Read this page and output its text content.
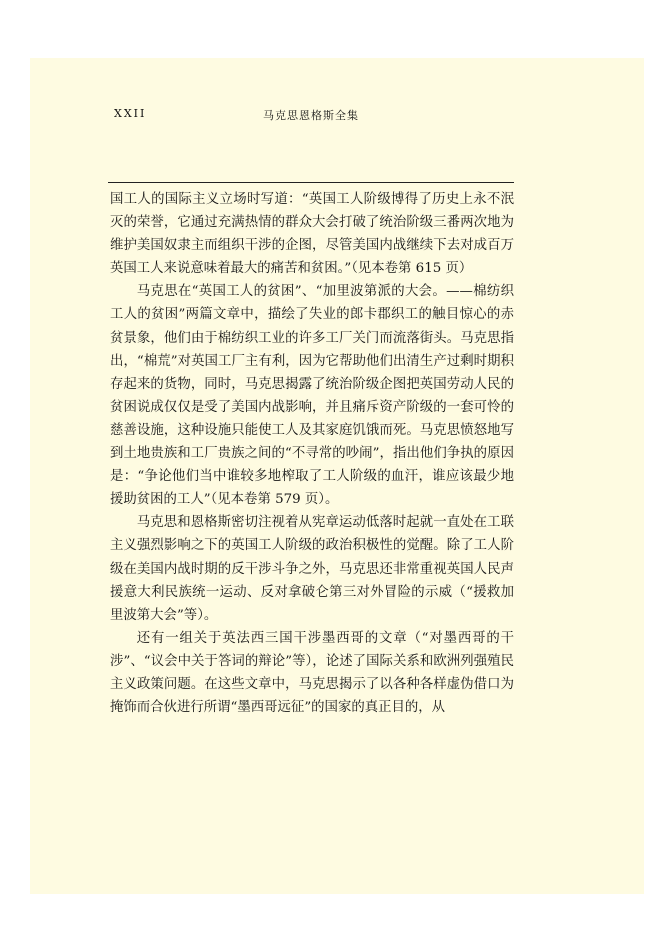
XXII	马克思恩格斯全集

国工人的国际主义立场时写道：“英国工人阶级博得了历史上永不泯灭的荣誉，它通过充满热情的群众大会打破了统治阶级三番两次地为维护美国奴隶主而组织干涉的企图，尽管美国内战继续下去对成百万英国工人来说意味着最大的痛苦和贫困。”（见本卷第 615 页）

马克思在“英国工人的贫困”、“加里波第派的大会。——棉纺织工人的贫困”两篇文章中，描绘了失业的郎卡郡织工的触目惊心的赤贫景象，他们由于棉纺织工业的许多工厂关门而流落街头。马克思指出，“棉荒”对英国工厂主有利，因为它帮助他们出清生产过剩时期积存起来的货物，同时，马克思揭露了统治阶级企图把英国劳动人民的贫困说成仅仅是受了美国内战影响，并且痛斥资产阶级的一套可怜的慈善设施，这种设施只能使工人及其家庭饥饿而死。马克思愤怒地写到土地贵族和工厂贵族之间的“不寻常的吵闹”，指出他们争执的原因是：“争论他们当中谁较多地榨取了工人阶级的血汗，谁应该最少地援助贫困的工人”（见本卷第 579 页）。

马克思和恩格斯密切注视着从宪章运动低落时起就一直处在工联主义强烈影响之下的英国工人阶级的政治积极性的觉醒。除了工人阶级在美国内战时期的反干涉斗争之外，马克思还非常重视英国人民声援意大利民族统一运动、反对拿破仑第三对外冒险的示威（“援救加里波第大会”等）。

还有一组关于英法西三国干涉墨西哥的文章（“对墨西哥的干涉”、“议会中关于答词的辩论”等），论述了国际关系和欧洲列强殖民主义政策问题。在这些文章中，马克思揭示了以各种各样虚伪借口为掩饰而合伙进行所谓“墨西哥远征”的国家的真正目的，从
